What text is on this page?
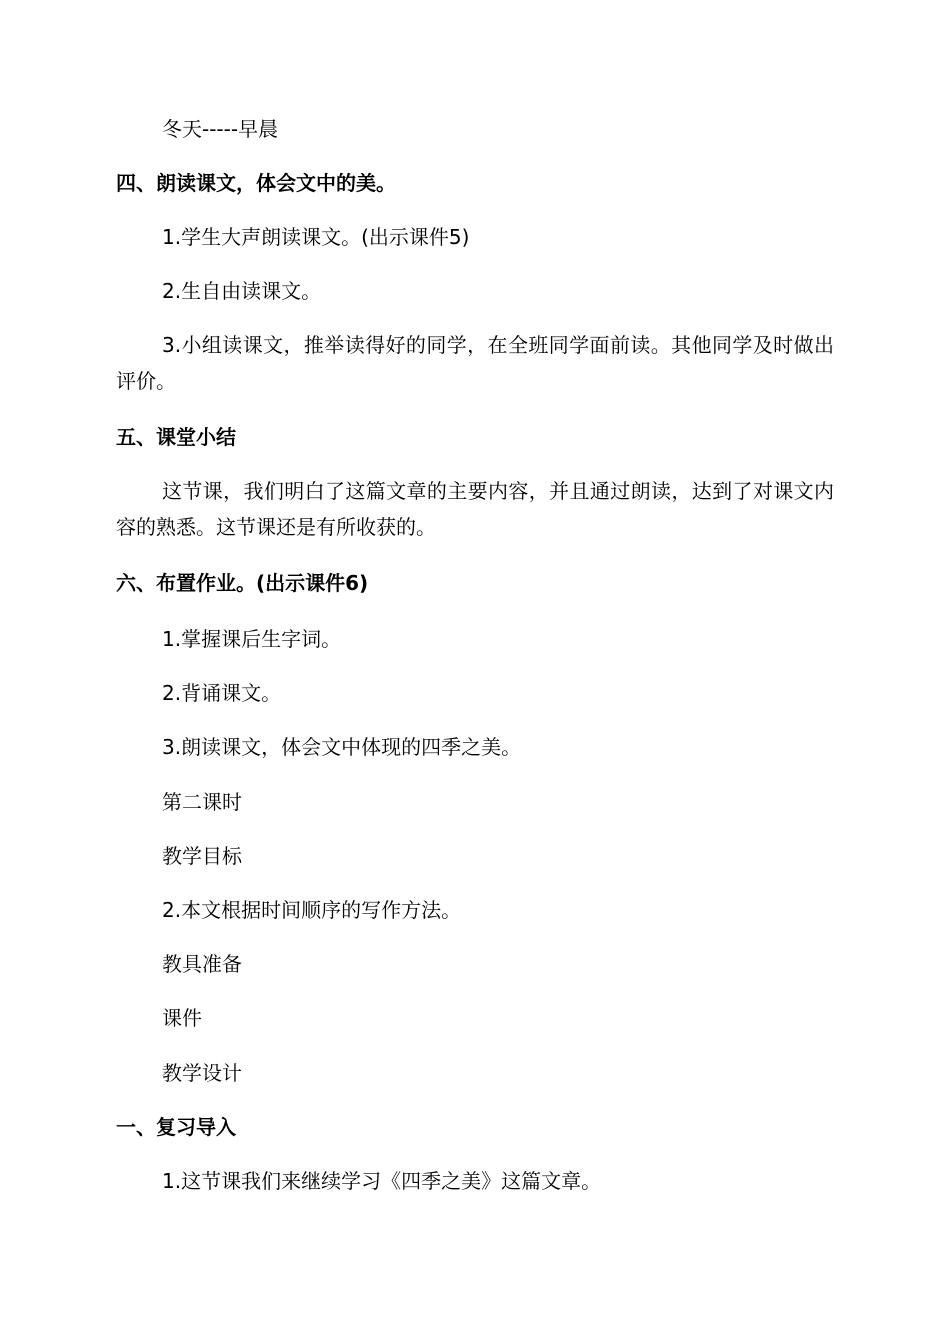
冬天-----早晨
四、朗读课文，体会文中的美。
1.学生大声朗读课文。(出示课件5)
2.生自由读课文。
3.小组读课文，推举读得好的同学，在全班同学面前读。其他同学及时做出评价。
五、课堂小结
这节课，我们明白了这篇文章的主要内容，并且通过朗读，达到了对课文内容的熟悉。这节课还是有所收获的。
六、布置作业。(出示课件6)
1.掌握课后生字词。
2.背诵课文。
3.朗读课文，体会文中体现的四季之美。
第二课时
教学目标
2.本文根据时间顺序的写作方法。
教具准备
课件
教学设计
一、复习导入
1.这节课我们来继续学习《四季之美》这篇文章。
